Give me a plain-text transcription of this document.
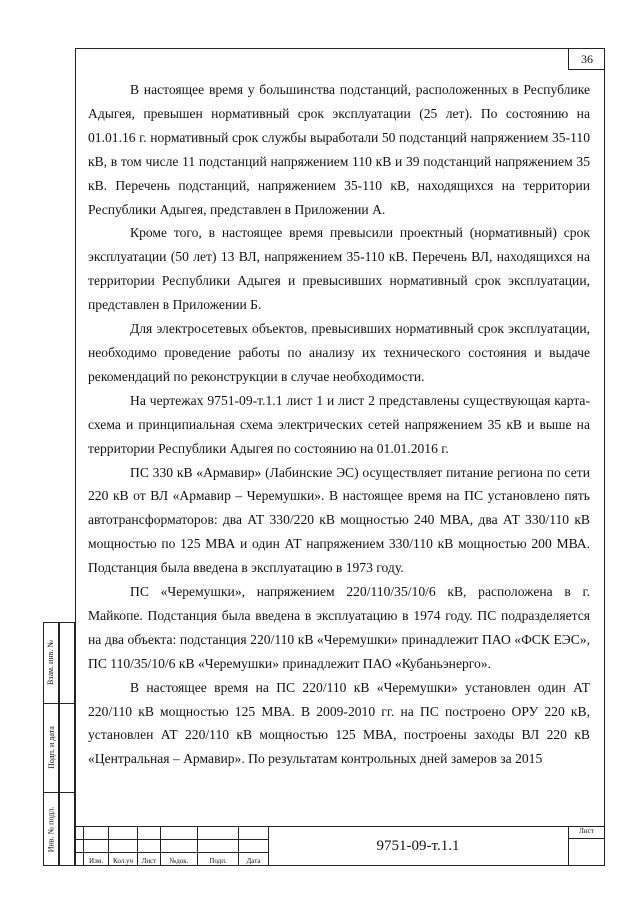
36

В настоящее время у большинства подстанций, расположенных в Республике Адыгея, превышен нормативный срок эксплуатации (25 лет). По состоянию на 01.01.16 г. нормативный срок службы выработали 50 подстанций напряжением 35-110 кВ, в том числе 11 подстанций напряжением 110 кВ и 39 подстанций напряжением 35 кВ. Перечень подстанций, напряжением 35-110 кВ, находящихся на территории Республики Адыгея, представлен в Приложении А.

Кроме того, в настоящее время превысили проектный (нормативный) срок эксплуатации (50 лет) 13 ВЛ, напряжением 35-110 кВ. Перечень ВЛ, находящихся на территории Республики Адыгея и превысивших нормативный срок эксплуатации, представлен в Приложении Б.

Для электросетевых объектов, превысивших нормативный срок эксплуатации, необходимо проведение работы по анализу их технического состояния и выдаче рекомендаций по реконструкции в случае необходимости.

На чертежах 9751-09-т.1.1 лист 1 и лист 2 представлены существующая карта-схема и принципиальная схема электрических сетей напряжением 35 кВ и выше на территории Республики Адыгея по состоянию на 01.01.2016 г.

ПС 330 кВ «Армавир» (Лабинские ЭС) осуществляет питание региона по сети 220 кВ от ВЛ «Армавир – Черемушки». В настоящее время на ПС установлено пять автотрансформаторов: два АТ 330/220 кВ мощностью 240 МВА, два АТ 330/110 кВ мощностью по 125 МВА и один АТ напряжением 330/110 кВ мощностью 200 МВА. Подстанция была введена в эксплуатацию в 1973 году.

ПС «Черемушки», напряжением 220/110/35/10/6 кВ, расположена в г. Майкопе. Подстанция была введена в эксплуатацию в 1974 году. ПС подразделяется на два объекта: подстанция 220/110 кВ «Черемушки» принадлежит ПАО «ФСК ЕЭС», ПС 110/35/10/6 кВ «Черемушки» принадлежит ПАО «Кубаньэнерго».

В настоящее время на ПС 220/110 кВ «Черемушки» установлен один АТ 220/110 кВ мощностью 125 МВА. В 2009-2010 гг. на ПС построено ОРУ 220 кВ, установлен АТ 220/110 кВ мощностью 125 МВА, построены заходы ВЛ 220 кВ «Центральная – Армавир». По результатам контрольных дней замеров за 2015

Взам. инв. №
Подп. и дата
Инв. № подл.
Изм.	Кол.уч	Лист	№док.	Подп.	Дата
9751-09-т.1.1
Лист
